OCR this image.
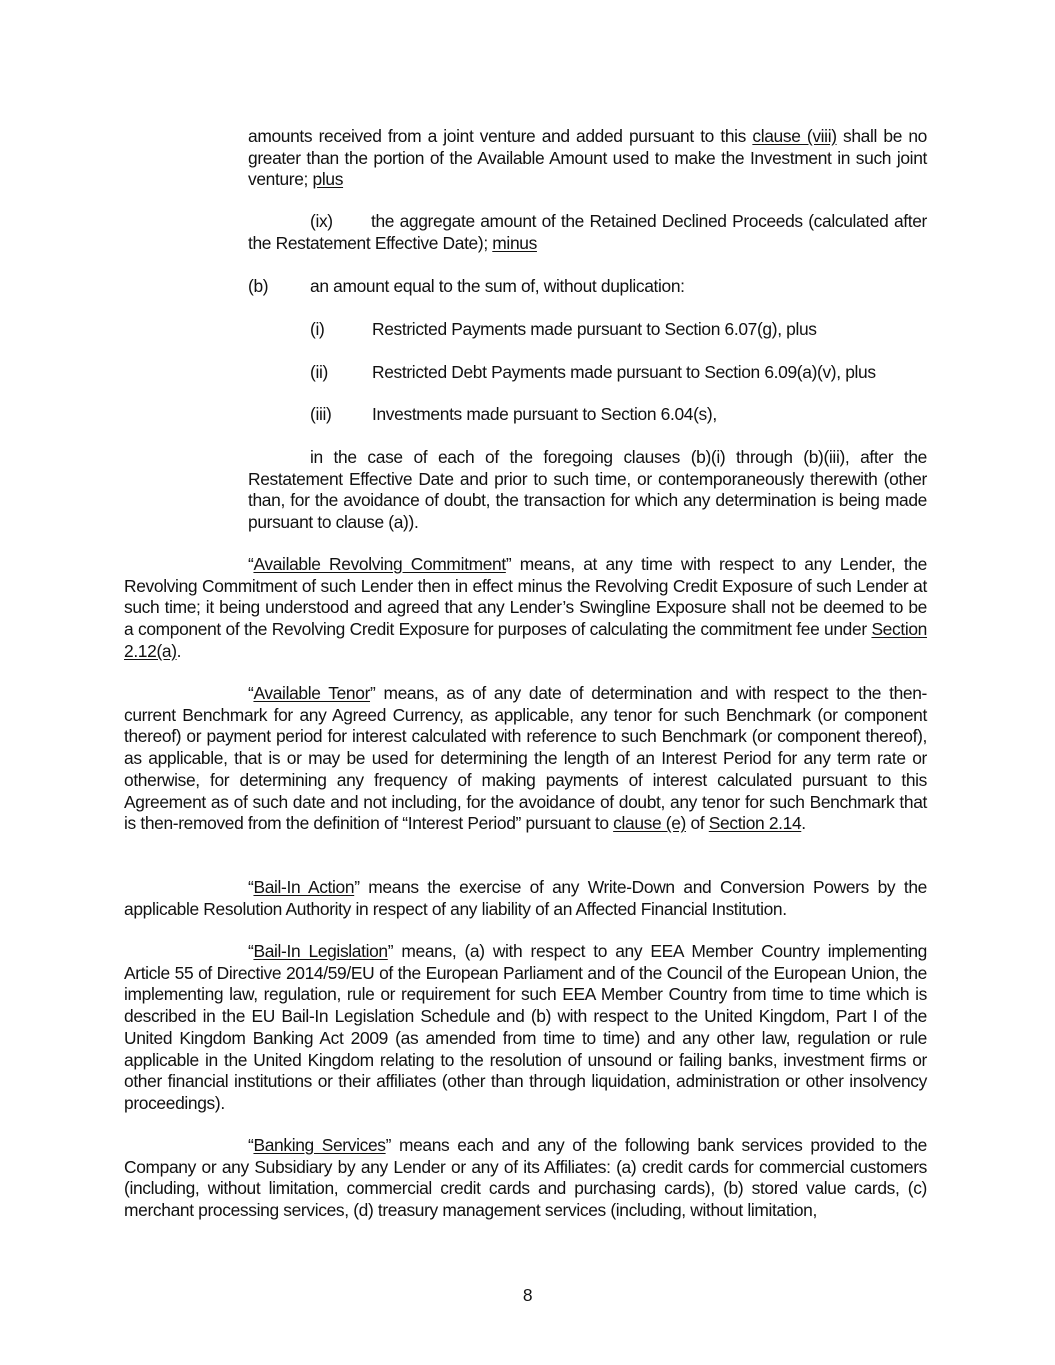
amounts received from a joint venture and added pursuant to this clause (viii) shall be no greater than the portion of the Available Amount used to make the Investment in such joint venture; plus

(ix) the aggregate amount of the Retained Declined Proceeds (calculated after the Restatement Effective Date); minus

(b) an amount equal to the sum of, without duplication:
(i)	Restricted Payments made pursuant to Section 6.07(g), plus
(ii)	Restricted Debt Payments made pursuant to Section 6.09(a)(v), plus
(iii) Investments made pursuant to Section 6.04(s),

in the case of each of the foregoing clauses (b)(i) through (b)(iii), after the Restatement Effective Date and prior to such time, or contemporaneously therewith (other than, for the avoidance of doubt, the transaction for which any determination is being made pursuant to clause (a)).

“Available Revolving Commitment” means, at any time with respect to any Lender, the Revolving Commitment of such Lender then in effect minus the Revolving Credit Exposure of such Lender at such time; it being understood and agreed that any Lender’s Swingline Exposure shall not be deemed to be a component of the Revolving Credit Exposure for purposes of calculating the commitment fee under Section 2.12(a).

“Available Tenor” means, as of any date of determination and with respect to the then-current Benchmark for any Agreed Currency, as applicable, any tenor for such Benchmark (or component thereof) or payment period for interest calculated with reference to such Benchmark (or component thereof), as applicable, that is or may be used for determining the length of an Interest Period for any term rate or otherwise, for determining any frequency of making payments of interest calculated pursuant to this Agreement as of such date and not including, for the avoidance of doubt, any tenor for such Benchmark that is then-removed from the definition of “Interest Period” pursuant to clause (e) of Section 2.14.

“Bail-In Action” means the exercise of any Write-Down and Conversion Powers by the applicable Resolution Authority in respect of any liability of an Affected Financial Institution.

“Bail-In Legislation” means, (a) with respect to any EEA Member Country implementing Article 55 of Directive 2014/59/EU of the European Parliament and of the Council of the European Union, the implementing law, regulation, rule or requirement for such EEA Member Country from time to time which is described in the EU Bail-In Legislation Schedule and (b) with respect to the United Kingdom, Part I of the United Kingdom Banking Act 2009 (as amended from time to time) and any other law, regulation or rule applicable in the United Kingdom relating to the resolution of unsound or failing banks, investment firms or other financial institutions or their affiliates (other than through liquidation, administration or other insolvency proceedings).

“Banking Services” means each and any of the following bank services provided to the Company or any Subsidiary by any Lender or any of its Affiliates: (a) credit cards for commercial customers (including, without limitation, commercial credit cards and purchasing cards), (b) stored value cards, (c) merchant processing services, (d) treasury management services (including, without limitation,

8
